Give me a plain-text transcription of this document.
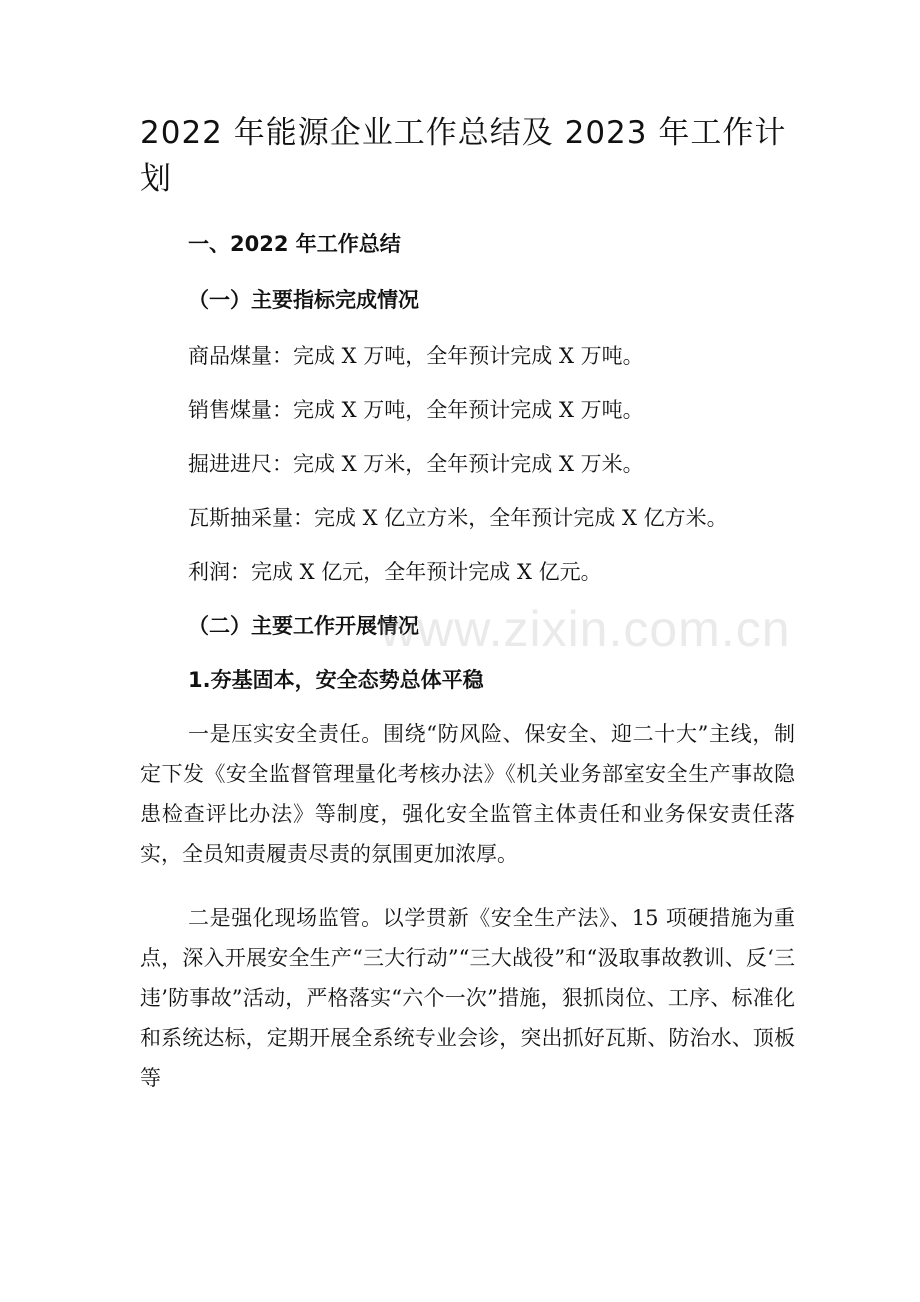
2022 年能源企业工作总结及 2023 年工作计划
一、2022 年工作总结
（一）主要指标完成情况
商品煤量：完成 X 万吨，全年预计完成 X 万吨。
销售煤量：完成 X 万吨，全年预计完成 X 万吨。
掘进进尺：完成 X 万米，全年预计完成 X 万米。
瓦斯抽采量：完成 X 亿立方米，全年预计完成 X 亿方米。
利润：完成 X 亿元，全年预计完成 X 亿元。
（二）主要工作开展情况
1.夯基固本，安全态势总体平稳

一是压实安全责任。围绕“防风险、保安全、迎二十大”主线，制定下发《安全监督管理量化考核办法》《机关业务部室安全生产事故隐患检查评比办法》等制度，强化安全监管主体责任和业务保安责任落实，全员知责履责尽责的氛围更加浓厚。

二是强化现场监管。以学贯新《安全生产法》、15 项硬措施为重点，深入开展安全生产“三大行动”“三大战役”和“汲取事故教训、反‘三违’防事故”活动，严格落实“六个一次”措施，狠抓岗位、工序、标准化和系统达标，定期开展全系统专业会诊，突出抓好瓦斯、防治水、顶板等

www.zixin.com.cn
